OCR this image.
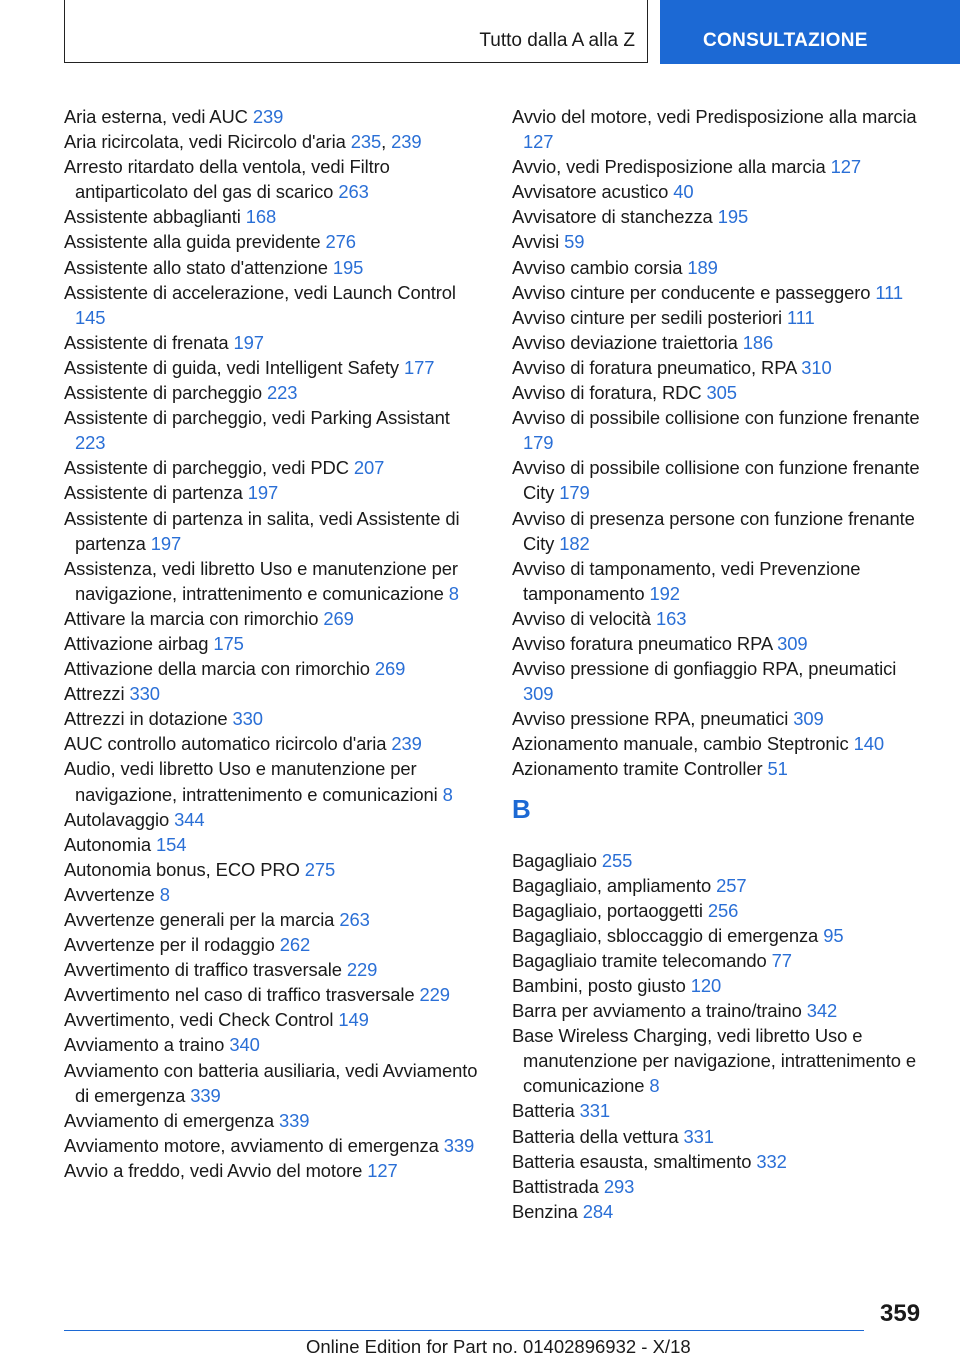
Tutto dalla A alla Z	CONSULTAZIONE
Aria esterna, vedi AUC 239
Aria ricircolata, vedi Ricircolo d'aria 235, 239
Arresto ritardato della ventola, vedi Filtro antiparticolato del gas di scarico 263
Assistente abbaglianti 168
Assistente alla guida previdente 276
Assistente allo stato d'attenzione 195
Assistente di accelerazione, vedi Launch Control 145
Assistente di frenata 197
Assistente di guida, vedi Intelligent Safety 177
Assistente di parcheggio 223
Assistente di parcheggio, vedi Parking Assistant 223
Assistente di parcheggio, vedi PDC 207
Assistente di partenza 197
Assistente di partenza in salita, vedi Assistente di partenza 197
Assistenza, vedi libretto Uso e manutenzione per navigazione, intrattenimento e comunicazione 8
Attivare la marcia con rimorchio 269
Attivazione airbag 175
Attivazione della marcia con rimorchio 269
Attrezzi 330
Attrezzi in dotazione 330
AUC controllo automatico ricircolo d'aria 239
Audio, vedi libretto Uso e manutenzione per navigazione, intrattenimento e comunicazioni 8
Autolavaggio 344
Autonomia 154
Autonomia bonus, ECO PRO 275
Avvertenze 8
Avvertenze generali per la marcia 263
Avvertenze per il rodaggio 262
Avvertimento di traffico trasversale 229
Avvertimento nel caso di traffico trasversale 229
Avvertimento, vedi Check Control 149
Avviamento a traino 340
Avviamento con batteria ausiliaria, vedi Avviamento di emergenza 339
Avviamento di emergenza 339
Avviamento motore, avviamento di emergenza 339
Avvio a freddo, vedi Avvio del motore 127
Avvio del motore, vedi Predisposizione alla marcia 127
Avvio, vedi Predisposizione alla marcia 127
Avvisatore acustico 40
Avvisatore di stanchezza 195
Avvisi 59
Avviso cambio corsia 189
Avviso cinture per conducente e passeggero 111
Avviso cinture per sedili posteriori 111
Avviso deviazione traiettoria 186
Avviso di foratura pneumatico, RPA 310
Avviso di foratura, RDC 305
Avviso di possibile collisione con funzione frenante 179
Avviso di possibile collisione con funzione frenante City 179
Avviso di presenza persone con funzione frenante City 182
Avviso di tamponamento, vedi Prevenzione tamponamento 192
Avviso di velocità 163
Avviso foratura pneumatico RPA 309
Avviso pressione di gonfiaggio RPA, pneumatici 309
Avviso pressione RPA, pneumatici 309
Azionamento manuale, cambio Steptronic 140
Azionamento tramite Controller 51
B
Bagagliaio 255
Bagagliaio, ampliamento 257
Bagagliaio, portaoggetti 256
Bagagliaio, sbloccaggio di emergenza 95
Bagagliaio tramite telecomando 77
Bambini, posto giusto 120
Barra per avviamento a traino/traino 342
Base Wireless Charging, vedi libretto Uso e manutenzione per navigazione, intrattenimento e comunicazione 8
Batteria 331
Batteria della vettura 331
Batteria esausta, smaltimento 332
Battistrada 293
Benzina 284
359
Online Edition for Part no. 01402896932 - X/18
